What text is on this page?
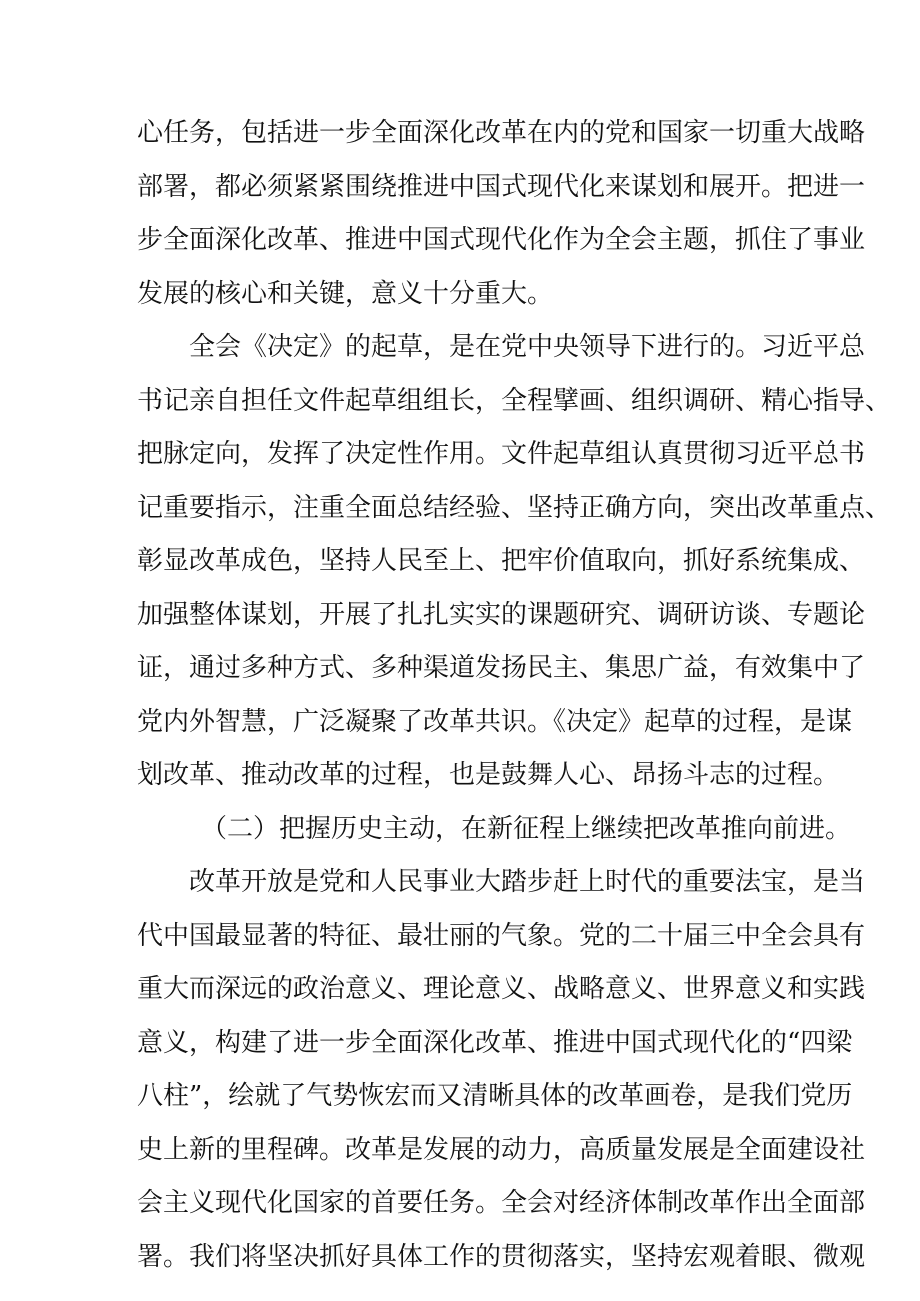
心任务，包括进一步全面深化改革在内的党和国家一切重大战略
部署，都必须紧紧围绕推进中国式现代化来谋划和展开。把进一
步全面深化改革、推进中国式现代化作为全会主题，抓住了事业
发展的核心和关键，意义十分重大。
全会《决定》的起草，是在党中央领导下进行的。习近平总
书记亲自担任文件起草组组长，全程擘画、组织调研、精心指导、
把脉定向，发挥了决定性作用。文件起草组认真贯彻习近平总书
记重要指示，注重全面总结经验、坚持正确方向，突出改革重点、
彰显改革成色，坚持人民至上、把牢价值取向，抓好系统集成、
加强整体谋划，开展了扎扎实实的课题研究、调研访谈、专题论
证，通过多种方式、多种渠道发扬民主、集思广益，有效集中了
党内外智慧，广泛凝聚了改革共识。《决定》起草的过程，是谋
划改革、推动改革的过程，也是鼓舞人心、昂扬斗志的过程。
（二）把握历史主动，在新征程上继续把改革推向前进。
改革开放是党和人民事业大踏步赶上时代的重要法宝，是当
代中国最显著的特征、最壮丽的气象。党的二十届三中全会具有
重大而深远的政治意义、理论意义、战略意义、世界意义和实践
意义，构建了进一步全面深化改革、推进中国式现代化的“四梁
八柱”，绘就了气势恢宏而又清晰具体的改革画卷，是我们党历
史上新的里程碑。改革是发展的动力，高质量发展是全面建设社
会主义现代化国家的首要任务。全会对经济体制改革作出全面部
署。我们将坚决抓好具体工作的贯彻落实，坚持宏观着眼、微观
